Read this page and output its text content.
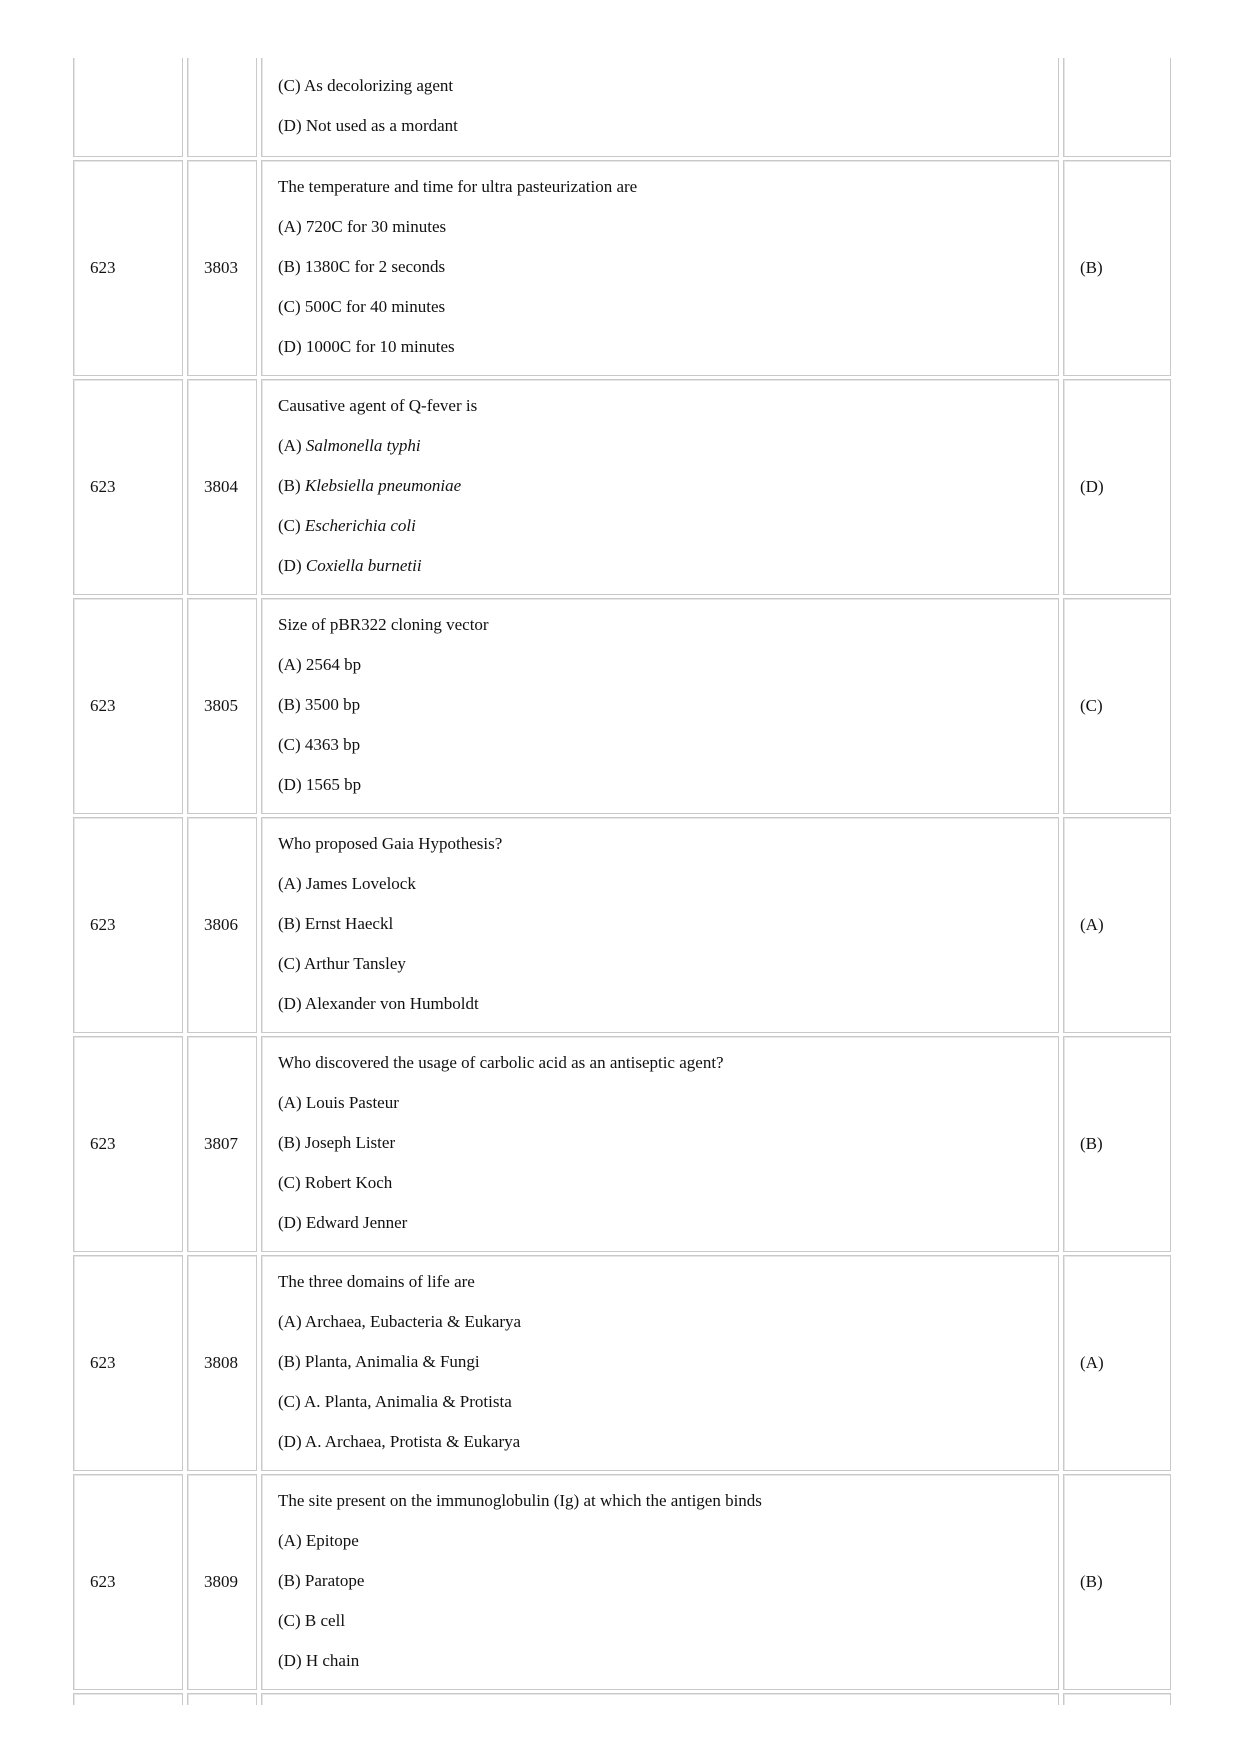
(C) As decolorizing agent
(D) Not used as a mordant
623	3803
The temperature and time for ultra pasteurization are
(A) 720C for 30 minutes
(B) 1380C for 2 seconds
(C) 500C for 40 minutes
(D) 1000C for 10 minutes
(B)
623	3804
Causative agent of Q-fever is
(A) Salmonella typhi
(B) Klebsiella pneumoniae
(C) Escherichia coli
(D) Coxiella burnetii
(D)
623	3805
Size of pBR322 cloning vector
(A) 2564 bp
(B) 3500 bp
(C) 4363 bp
(D) 1565 bp
(C)
623	3806
Who proposed Gaia Hypothesis?
(A) James Lovelock
(B) Ernst Haeckl
(C) Arthur Tansley
(D) Alexander von Humboldt
(A)
623	3807
Who discovered the usage of carbolic acid as an antiseptic agent?
(A) Louis Pasteur
(B) Joseph Lister
(C) Robert Koch
(D) Edward Jenner
(B)
623	3808
The three domains of life are
(A) Archaea, Eubacteria & Eukarya
(B) Planta, Animalia & Fungi
(C) A. Planta, Animalia & Protista
(D) A. Archaea, Protista & Eukarya
(A)
623	3809
The site present on the immunoglobulin (Ig) at which the antigen binds
(A) Epitope
(B) Paratope
(C) B cell
(D) H chain
(B)
